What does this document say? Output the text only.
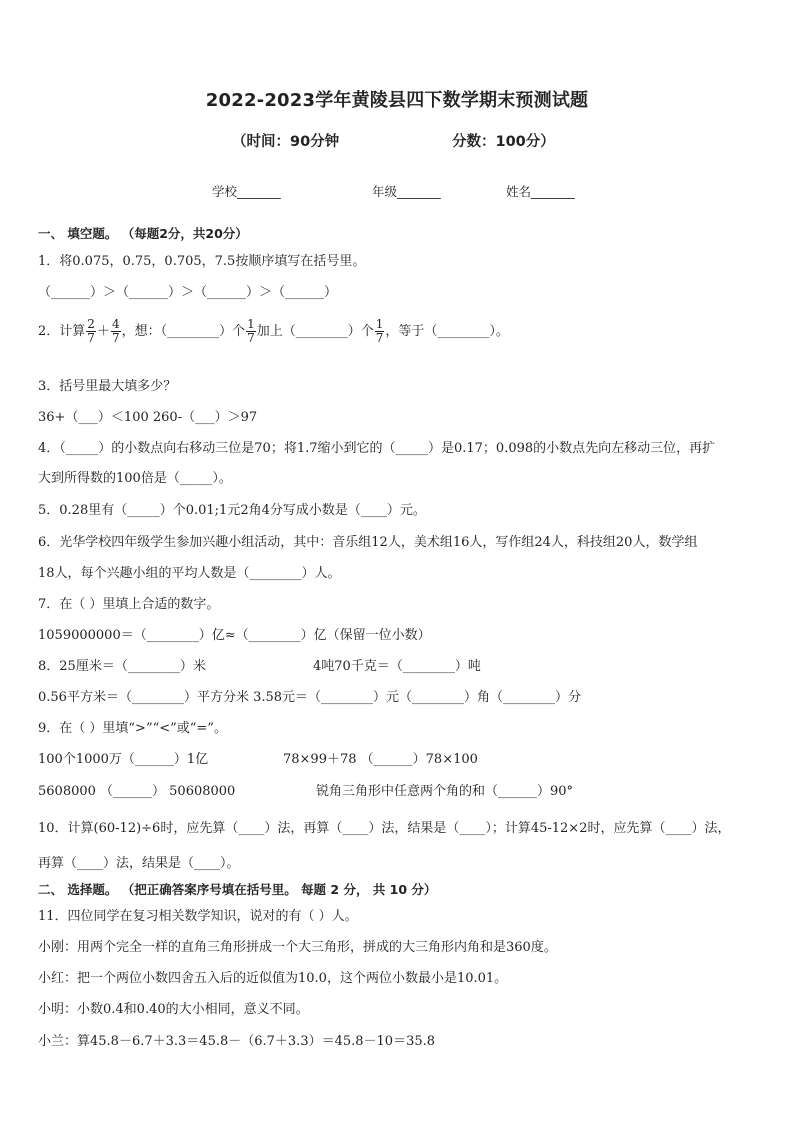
2022-2023学年黄陵县四下数学期末预测试题
（时间：90分钟	分数：100分）
学校_______	年级_______	姓名_______
一、 填空题。 （每题2分，共20分）
1．将0.075，0.75，0.705，7.5按顺序填写在括号里。
（______）＞（______）＞（______）＞（______）
2．计算 $\frac{2}{7} + \frac{4}{7}$ ，想：（________）个 $\frac{1}{7}$ 加上（________）个 $\frac{1}{7}$ ，等于（________）。
3．括号里最大填多少？
36+（___）＜100 260-（___）＞97
4．（_____）的小数点向右移动三位是70；将1.7缩小到它的（_____）是0.17；0.098的小数点先向左移动三位，再扩
大到所得数的100倍是（_____）。
5．0.28里有（_____）个0.01;1元2角4分写成小数是（____）元。
6．光华学校四年级学生参加兴趣小组活动，其中：音乐组12人，美术组16人，写作组24人，科技组20人，数学组
18人，每个兴趣小组的平均人数是（________）人。
7．在（ ）里填上合适的数字。
1059000000＝（________）亿≈（________）亿（保留一位小数）
8．25厘米＝（________）米	4吨70千克＝（________）吨
0.56平方米＝（________）平方分米 3.58元＝（________）元（________）角（________）分
9．在（ ）里填“>”“<”或“=”。
100个1000万（______）1亿	78×99＋78 （______）78×100
5608000 （______） 50608000	锐角三角形中任意两个角的和（______）90°
10．计算(60-12)÷6时，应先算（____）法，再算（____）法，结果是（____）；计算45-12×2时，应先算（____）法，
再算（____）法，结果是（____）。
二、 选择题。 （把正确答案序号填在括号里。 每题 2 分， 共 10 分）
11．四位同学在复习相关数学知识，说对的有（ ）人。
小刚：用两个完全一样的直角三角形拼成一个大三角形，拼成的大三角形内角和是360度。
小红：把一个两位小数四舍五入后的近似值为10.0，这个两位小数最小是10.01。
小明：小数0.4和0.40的大小相同，意义不同。
小兰：算45.8－6.7＋3.3＝45.8－（6.7＋3.3）＝45.8－10＝35.8
